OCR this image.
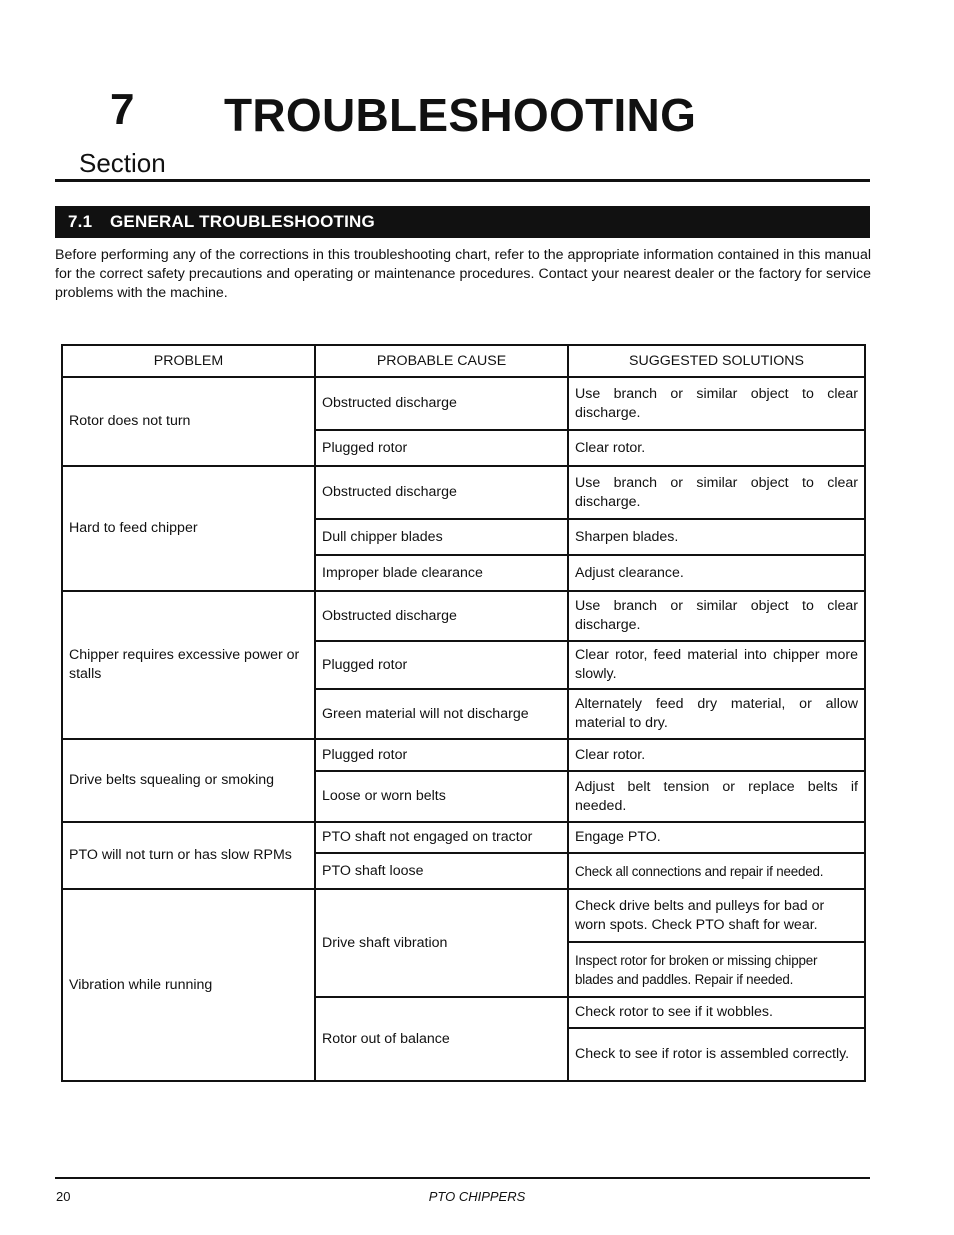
7 TROUBLESHOOTING
Section
7.1 GENERAL TROUBLESHOOTING
Before performing any of the corrections in this troubleshooting chart, refer to the appropriate information contained in this manual for the correct safety precautions and operating or maintenance procedures. Contact your nearest dealer or the factory for service problems with the machine.
PROBLEM	PROBABLE CAUSE	SUGGESTED SOLUTIONS
Rotor does not turn	Obstructed discharge	Use branch or similar object to clear discharge.
	Plugged rotor	Clear rotor.
Hard to feed chipper	Obstructed discharge	Use branch or similar object to clear discharge.
	Dull chipper blades	Sharpen blades.
	Improper blade clearance	Adjust clearance.
Chipper requires excessive power or stalls	Obstructed discharge	Use branch or similar object to clear discharge.
	Plugged rotor	Clear rotor, feed material into chipper more slowly.
	Green material will not discharge	Alternately feed dry material, or allow material to dry.
Drive belts squealing or smoking	Plugged rotor	Clear rotor.
	Loose or worn belts	Adjust belt tension or replace belts if needed.
PTO will not turn or has slow RPMs	PTO shaft not engaged on tractor	Engage PTO.
	PTO shaft loose	Check all connections and repair if needed.
Vibration while running	Drive shaft vibration	Check drive belts and pulleys for bad or worn spots. Check PTO shaft for wear.
		Inspect rotor for broken or missing chipper blades and paddles. Repair if needed.
	Rotor out of balance	Check rotor to see if it wobbles.
		Check to see if rotor is assembled correctly.
20	PTO CHIPPERS
